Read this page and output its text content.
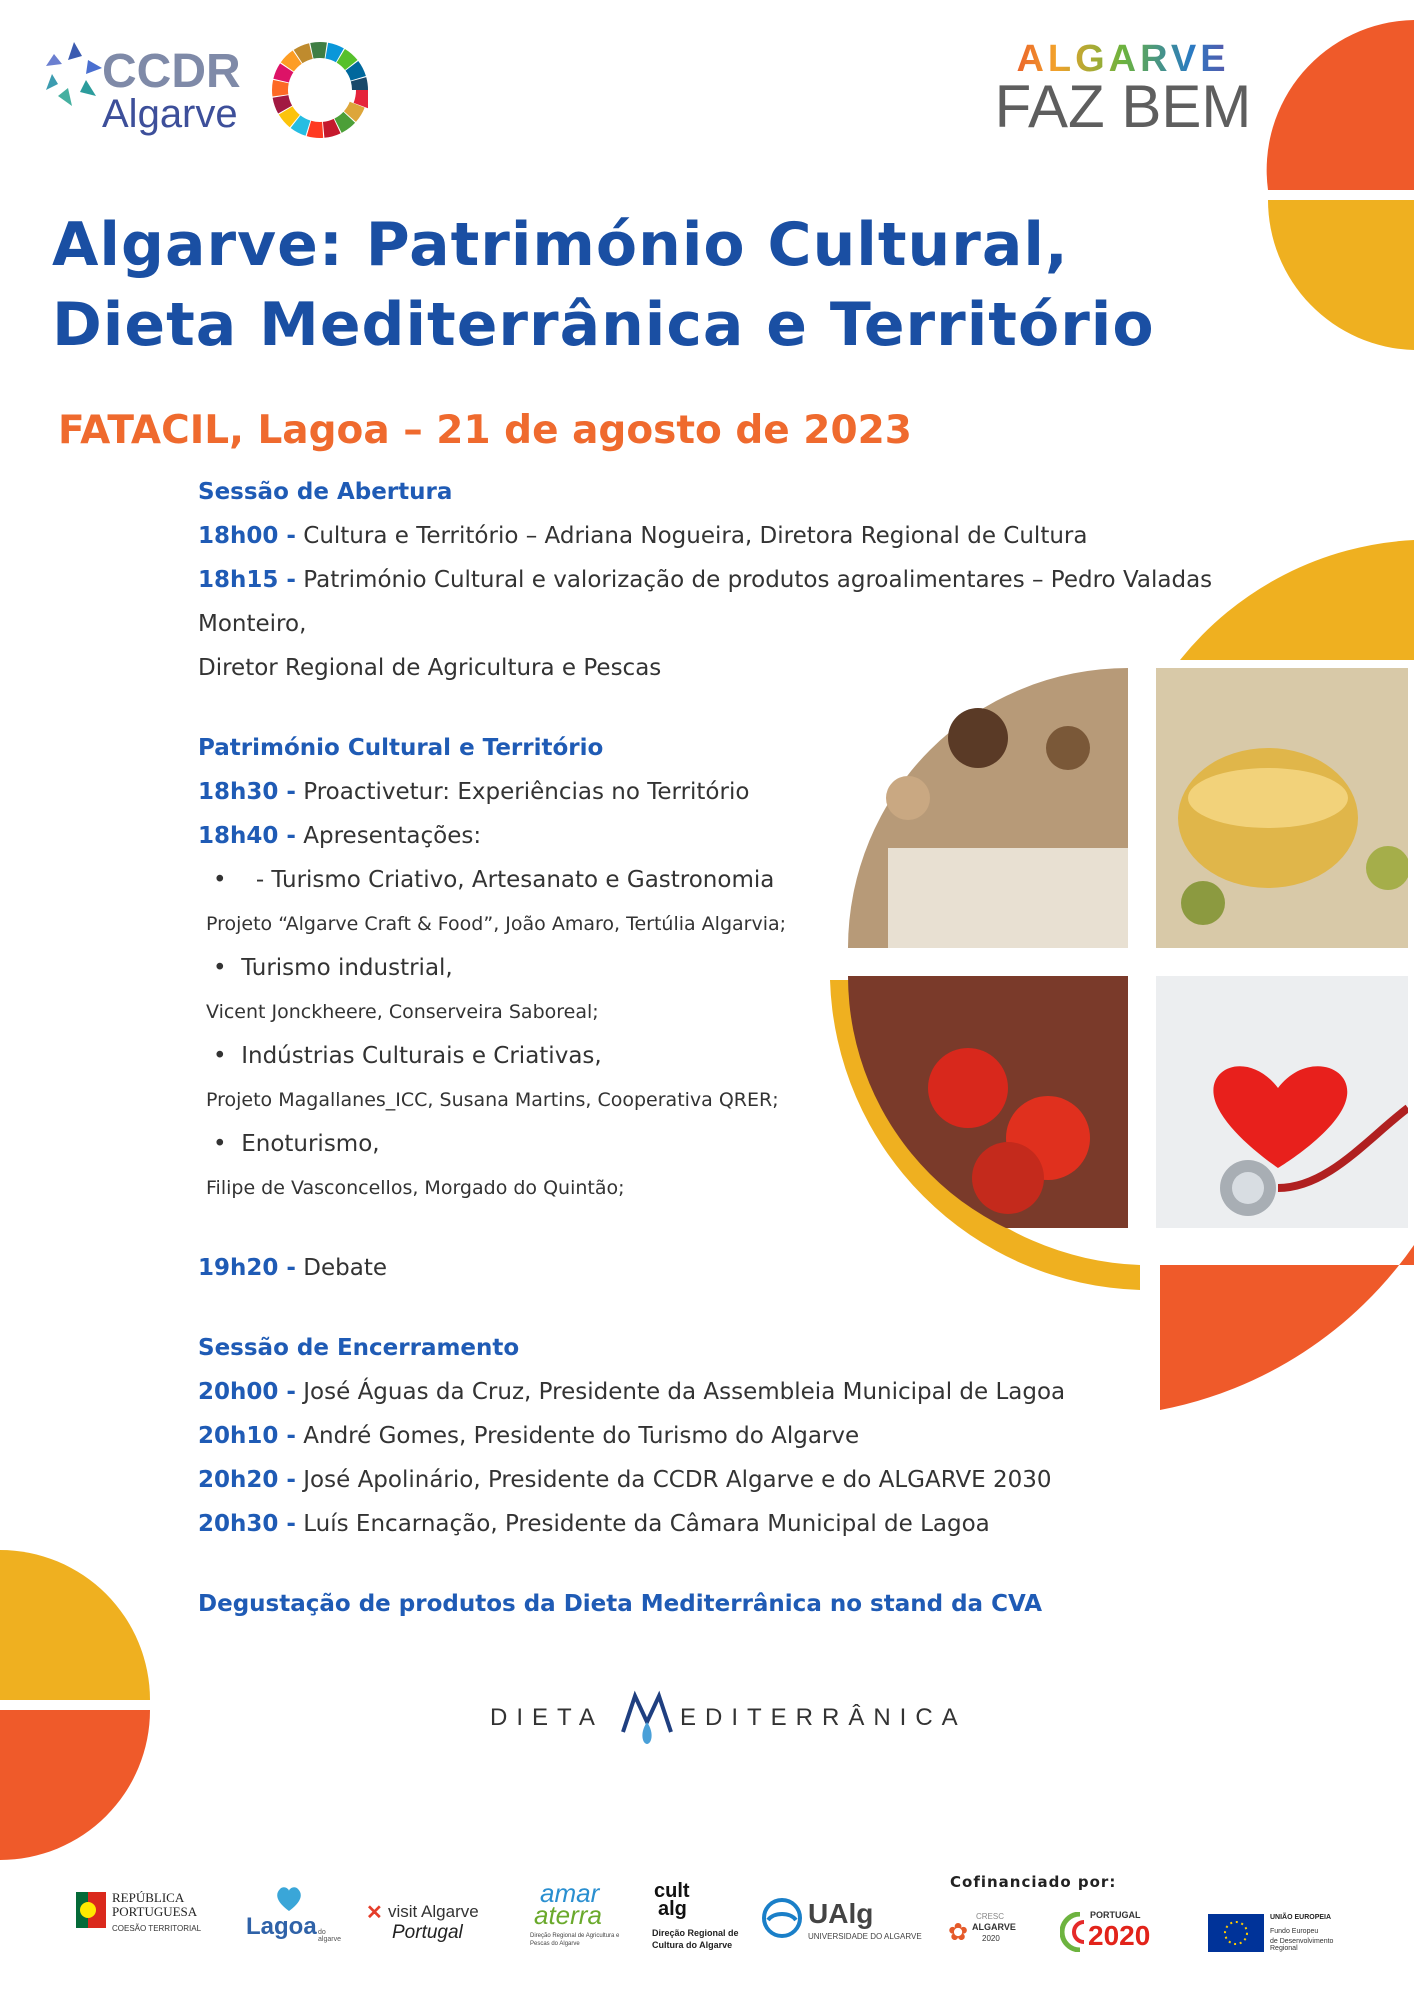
CCDR
Algarve
ALGARVE
FAZ BEM
Algarve: Património Cultural,
Dieta Mediterrânica e Território
FATACIL, Lagoa – 21 de agosto de 2023
Sessão de Abertura
18h00 - Cultura e Território – Adriana Nogueira, Diretora Regional de Cultura
18h15 - Património Cultural e valorização de produtos agroalimentares – Pedro Valadas Monteiro,
Diretor Regional de Agricultura e Pescas
Património Cultural e Território
18h30 - Proactivetur: Experiências no Território
18h40 - Apresentações:
•    - Turismo Criativo, Artesanato e Gastronomia
Projeto “Algarve Craft & Food”, João Amaro, Tertúlia Algarvia;
•  Turismo industrial,
Vicent Jonckheere, Conserveira Saboreal;
•  Indústrias Culturais e Criativas,
Projeto Magallanes_ICC, Susana Martins, Cooperativa QRER;
•  Enoturismo,
Filipe de Vasconcellos, Morgado do Quintão;
19h20 - Debate
Sessão de Encerramento
20h00 - José Águas da Cruz, Presidente da Assembleia Municipal de Lagoa
20h10 - André Gomes, Presidente do Turismo do Algarve
20h20 - José Apolinário, Presidente da CCDR Algarve e do ALGARVE 2030
20h30 - Luís Encarnação, Presidente da Câmara Municipal de Lagoa
Degustação de produtos da Dieta Mediterrânica no stand da CVA
DIETA	EDITERRÂNICA
Cofinanciado por:
REPÚBLICA
PORTUGUESA
COESÃO TERRITORIAL Lagoa do algarve
✕ visit Algarve
Portugal
amar
aterra
Direção Regional de Agricultura e Pescas do Algarve
cult
alg
Direção Regional de
Cultura do Algarve
UAlg
UNIVERSIDADE DO ALGARVE ✿
CRESC
ALGARVE
2020
PORTUGAL
2020
UNIÃO EUROPEIA
Fundo Europeu
de Desenvolvimento Regional
